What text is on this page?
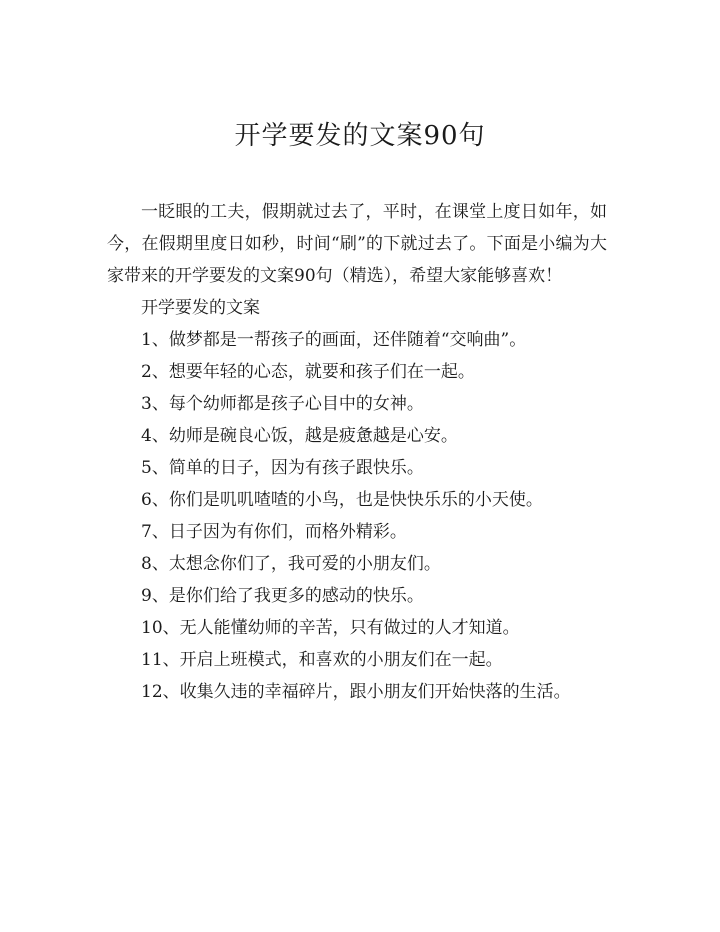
开学要发的文案90句

一眨眼的工夫，假期就过去了，平时，在课堂上度日如年，如今，在假期里度日如秒，时间“刷”的下就过去了。下面是小编为大家带来的开学要发的文案90句（精选），希望大家能够喜欢！

开学要发的文案

1、做梦都是一帮孩子的画面，还伴随着“交响曲”。

2、想要年轻的心态，就要和孩子们在一起。

3、每个幼师都是孩子心目中的女神。

4、幼师是碗良心饭，越是疲惫越是心安。

5、简单的日子，因为有孩子跟快乐。

6、你们是叽叽喳喳的小鸟，也是快快乐乐的小天使。

7、日子因为有你们，而格外精彩。

8、太想念你们了，我可爱的小朋友们。

9、是你们给了我更多的感动的快乐。

10、无人能懂幼师的辛苦，只有做过的人才知道。

11、开启上班模式，和喜欢的小朋友们在一起。

12、收集久违的幸福碎片，跟小朋友们开始快落的生活。
